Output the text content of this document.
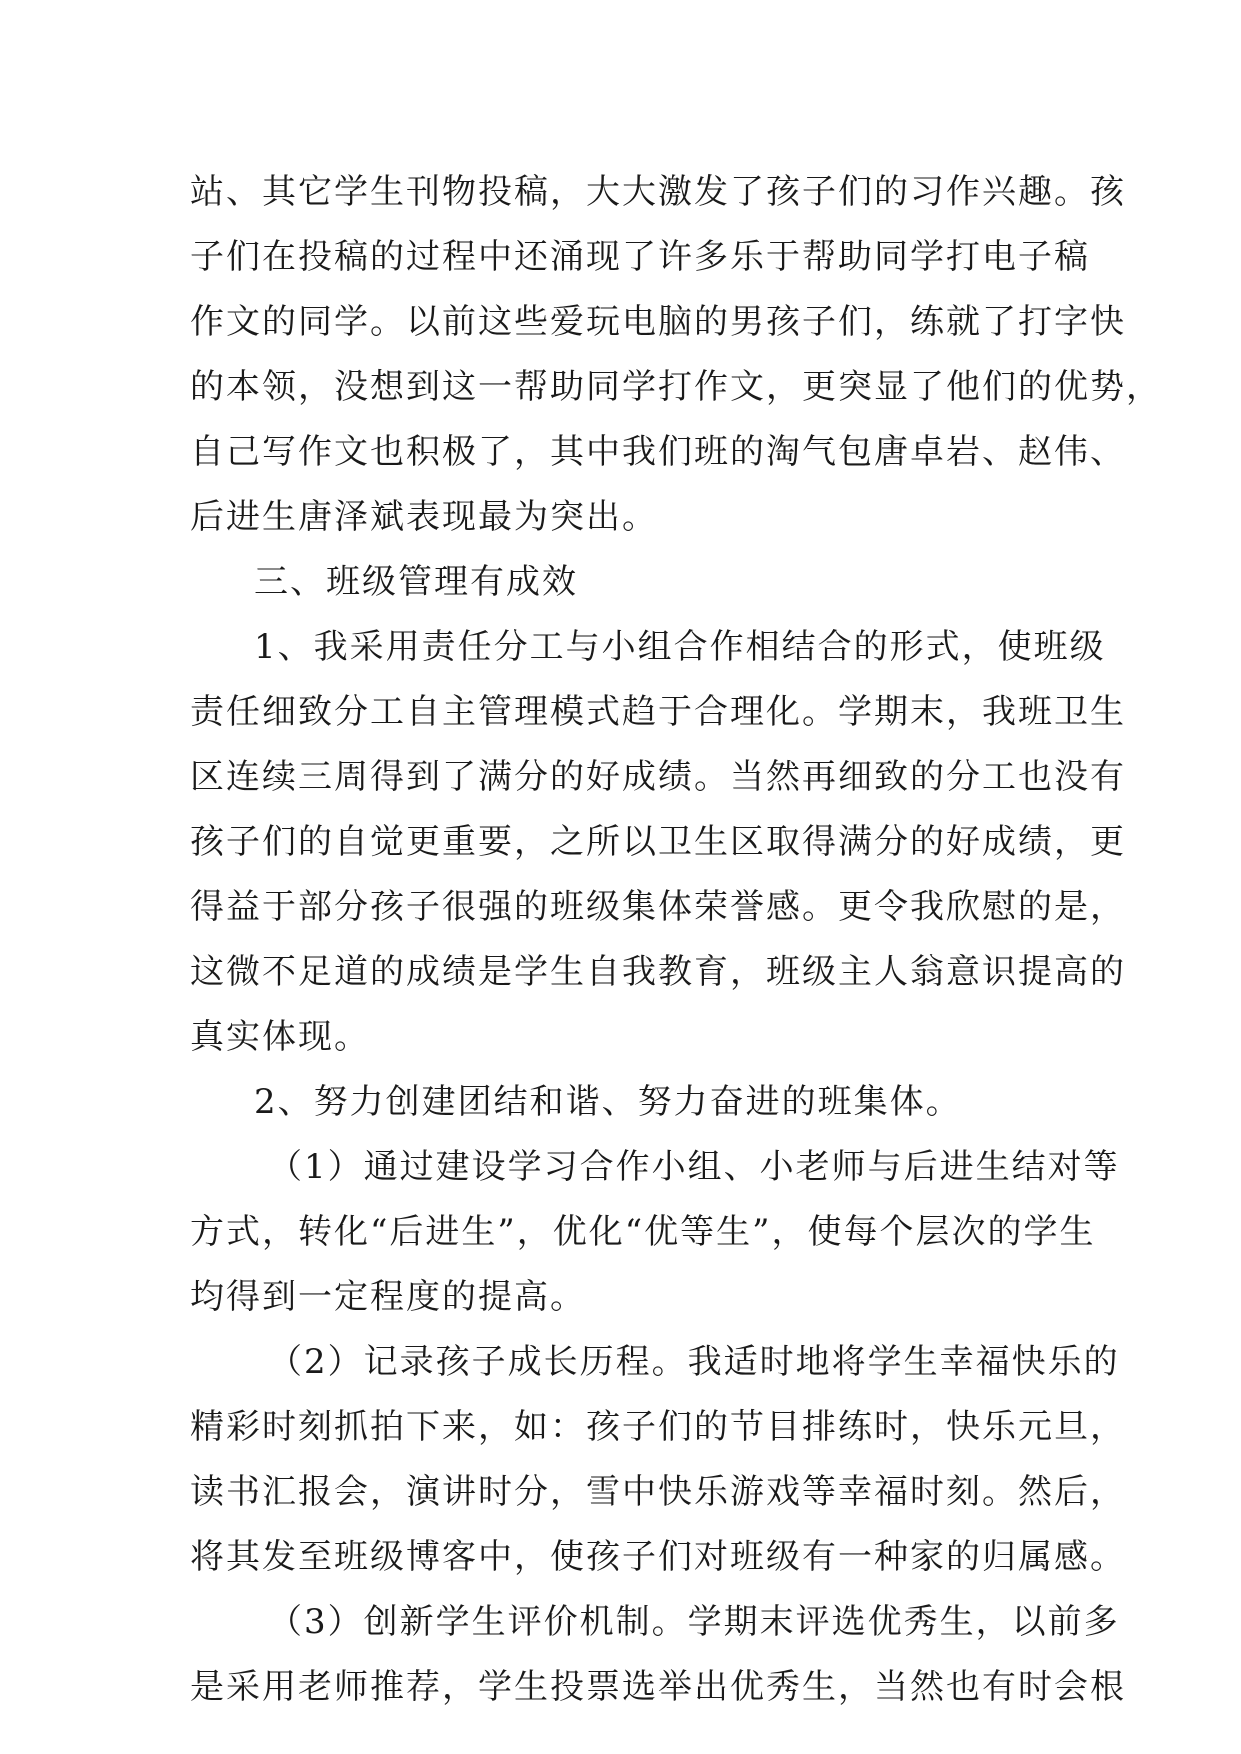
站、其它学生刊物投稿，大大激发了孩子们的习作兴趣。孩
子们在投稿的过程中还涌现了许多乐于帮助同学打电子稿
作文的同学。以前这些爱玩电脑的男孩子们，练就了打字快
的本领，没想到这一帮助同学打作文，更突显了他们的优势，
自己写作文也积极了，其中我们班的淘气包唐卓岩、赵伟、
后进生唐泽斌表现最为突出。
三、班级管理有成效
1、我采用责任分工与小组合作相结合的形式，使班级
责任细致分工自主管理模式趋于合理化。学期末，我班卫生
区连续三周得到了满分的好成绩。当然再细致的分工也没有
孩子们的自觉更重要，之所以卫生区取得满分的好成绩，更
得益于部分孩子很强的班级集体荣誉感。更令我欣慰的是，
这微不足道的成绩是学生自我教育，班级主人翁意识提高的
真实体现。
2、努力创建团结和谐、努力奋进的班集体。
（1）通过建设学习合作小组、小老师与后进生结对等
方式，转化“后进生”，优化“优等生”，使每个层次的学生
均得到一定程度的提高。
（2）记录孩子成长历程。我适时地将学生幸福快乐的
精彩时刻抓拍下来，如：孩子们的节目排练时，快乐元旦，
读书汇报会，演讲时分，雪中快乐游戏等幸福时刻。然后，
将其发至班级博客中，使孩子们对班级有一种家的归属感。
（3）创新学生评价机制。学期末评选优秀生，以前多
是采用老师推荐，学生投票选举出优秀生，当然也有时会根
